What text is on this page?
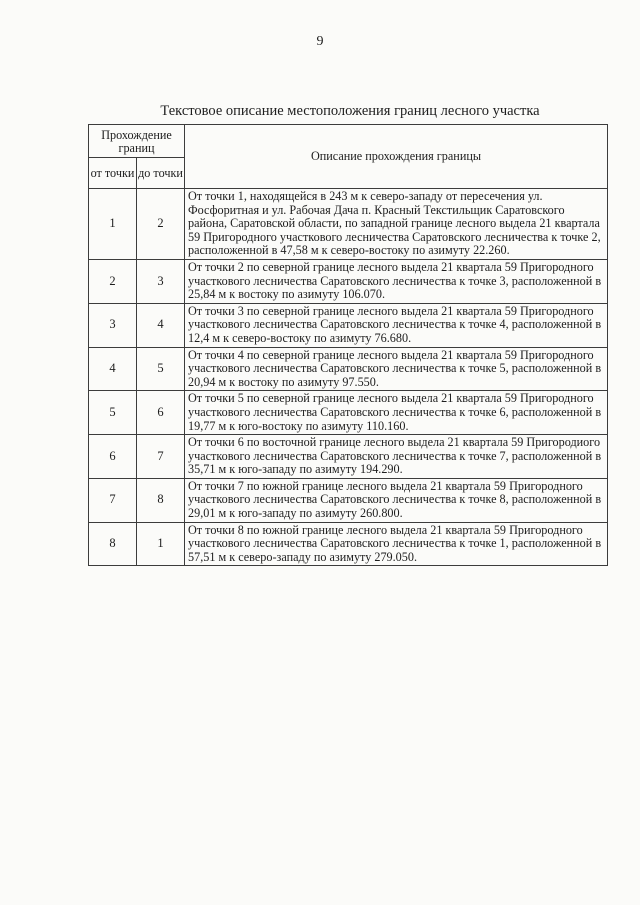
9
Текстовое описание местоположения границ лесного участка
Прохождение границ		Описание прохождения границы
от точки	до точки	
1	2	От точки 1, находящейся в 243 м к северо-западу от пересечения ул. Фосфоритная и ул. Рабочая Дача п. Красный Текстильщик Саратовского района, Саратовской области, по западной границе лесного выдела 21 квартала 59 Пригородного участкового лесничества Саратовского лесничества к точке 2, расположенной в 47,58 м к северо-востоку по азимуту 22.260.
2	3	От точки 2 по северной границе лесного выдела 21 квартала 59 Пригородного участкового лесничества Саратовского лесничества к точке 3, расположенной в 25,84 м к востоку по азимуту 106.070.
3	4	От точки 3 по северной границе лесного выдела 21 квартала 59 Пригородного участкового лесничества Саратовского лесничества к точке 4, расположенной в 12,4 м к северо-востоку по азимуту 76.680.
4	5	От точки 4 по северной границе лесного выдела 21 квартала 59 Пригородного участкового лесничества Саратовского лесничества к точке 5, расположенной в 20,94 м к востоку по азимуту 97.550.
5	6	От точки 5 по северной границе лесного выдела 21 квартала 59 Пригородного участкового лесничества Саратовского лесничества к точке 6, расположенной в 19,77 м к юго-востоку по азимуту 110.160.
6	7	От точки 6 по восточной границе лесного выдела 21 квартала 59 Пригородиого участкового лесничества Саратовского лесничества к точке 7, расположенной в 35,71 м к юго-западу по азимуту 194.290.
7	8	От точки 7 по южной границе лесного выдела 21 квартала 59 Пригородного участкового лесничества Саратовского лесничества к точке 8, расположенной в 29,01 м к юго-западу по азимуту 260.800.
8	1	От точки 8 по южной границе лесного выдела 21 квартала 59 Пригородного участкового лесничества Саратовского лесничества к точке 1, расположенной в 57,51 м к северо-западу по азимуту 279.050.
